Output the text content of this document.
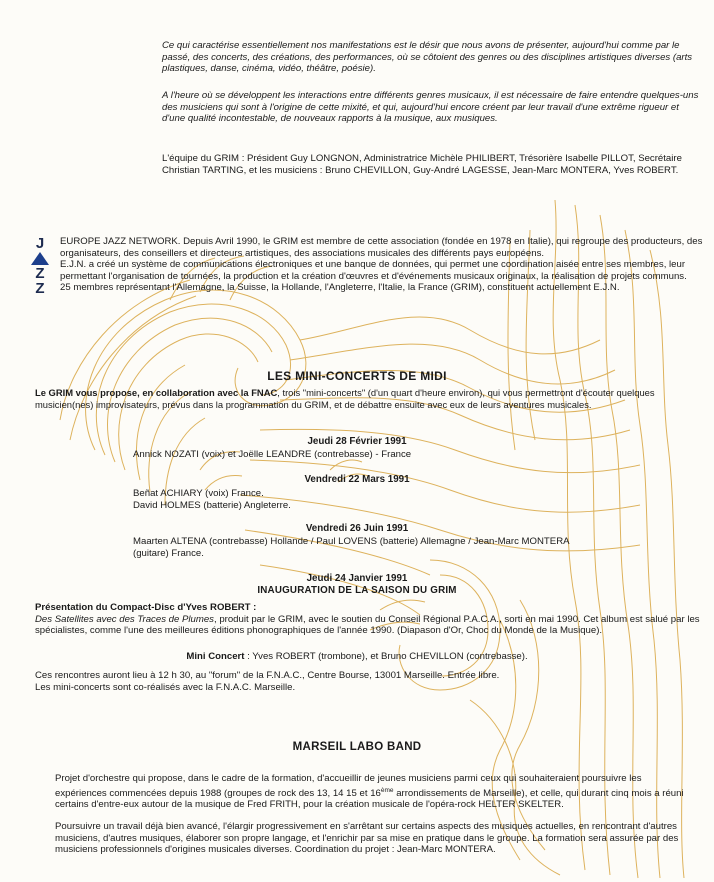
Ce qui caractérise essentiellement nos manifestations est le désir que nous avons de présenter, aujourd'hui comme par le passé, des concerts, des créations, des performances, où se côtoient des genres ou des disciplines artistiques diverses (arts plastiques, danse, cinéma, vidéo, théâtre, poésie).

A l'heure où se développent les interactions entre différents genres musicaux, il est nécessaire de faire entendre quelques-uns des musiciens qui sont à l'origine de cette mixité, et qui, aujourd'hui encore créent par leur travail d'une extrême rigueur et d'une qualité incontestable, de nouveaux rapports à la musique, aux musiques.

L'équipe du GRIM : Président Guy LONGNON, Administratrice Michèle PHILIBERT, Trésorière Isabelle PILLOT, Secrétaire Christian TARTING, et les musiciens : Bruno CHEVILLON, Guy-André LAGESSE, Jean-Marc MONTERA, Yves ROBERT.

J
Z
Z
EUROPE JAZZ NETWORK. Depuis Avril 1990, le GRIM est membre de cette association (fondée en 1978 en Italie), qui regroupe des producteurs, des organisateurs, des conseillers et directeurs artistiques, des associations musicales des différents pays européens.
E.J.N. a créé un système de communications électroniques et une banque de données, qui permet une coordination aisée entre ses membres, leur permettant l'organisation de tournées, la production et la création d'œuvres et d'événements musicaux originaux, la réalisation de projets communs.
25 membres représentant l'Allemagne, la Suisse, la Hollande, l'Angleterre, l'Italie, la France (GRIM), constituent actuellement E.J.N.
LES MINI-CONCERTS DE MIDI

Le GRIM vous propose, en collaboration avec la FNAC, trois "mini-concerts" (d'un quart d'heure environ), qui vous permettront d'écouter quelques musicien(nes) improvisateurs, prévus dans la programmation du GRIM, et de débattre ensuite avec eux de leurs aventures musicales.

Jeudi 28 Février 1991

Annick NOZATI (voix) et Joëlle LEANDRE (contrebasse) - France

Vendredi 22 Mars 1991
Beñat ACHIARY (voix) France.
David HOLMES (batterie) Angleterre.
Vendredi 26 Juin 1991

Maarten ALTENA (contrebasse) Hollande / Paul LOVENS (batterie) Allemagne / Jean-Marc MONTERA (guitare) France.

Jeudi 24 Janvier 1991
INAUGURATION DE LA SAISON DU GRIM

Présentation du Compact-Disc d'Yves ROBERT :
Des Satellites avec des Traces de Plumes, produit par le GRIM, avec le soutien du Conseil Régional P.A.C.A., sorti en mai 1990. Cet album est salué par les spécialistes, comme l'une des meilleures éditions phonographiques de l'année 1990. (Diapason d'Or, Choc du Monde de la Musique).

Mini Concert : Yves ROBERT (trombone), et Bruno CHEVILLON (contrebasse).

Ces rencontres auront lieu à 12 h 30, au "forum" de la F.N.A.C., Centre Bourse, 13001 Marseille. Entrée libre.
Les mini-concerts sont co-réalisés avec la F.N.A.C. Marseille.
MARSEIL LABO BAND

Projet d'orchestre qui propose, dans le cadre de la formation, d'accueillir de jeunes musiciens parmi ceux qui souhaiteraient poursuivre les expériences commencées depuis 1988 (groupes de rock des 13, 14 15 et 16ème arrondissements de Marseille), et celle, qui durant cinq mois a réuni certains d'entre-eux autour de la musique de Fred FRITH, pour la création musicale de l'opéra-rock HELTER SKELTER.

Poursuivre un travail déjà bien avancé, l'élargir progressivement en s'arrêtant sur certains aspects des musiques actuelles, en rencontrant d'autres musiciens, d'autres musiques, élaborer son propre langage, et l'enrichir par sa mise en pratique dans le groupe. La formation sera assurée par des musiciens professionnels d'origines musicales diverses. Coordination du projet : Jean-Marc MONTERA.
